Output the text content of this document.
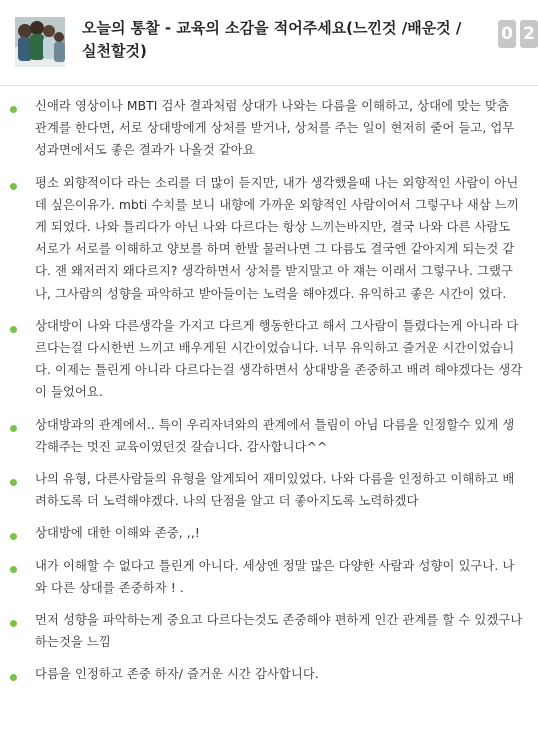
오늘의 통찰 - 교육의 소감을 적어주세요(느낀것 /배운것 /실천할것)
0 2
신애라 영상이나 MBTI 검사 결과처럼 상대가 나와는 다름을 이해하고, 상대에 맞는 맞춤 관계를 한다면, 서로 상대방에게 상처를 받거나, 상처를 주는 일이 현저히 줄어 들고, 업무성과면에서도 좋은 결과가 나올것 같아요
평소 외향적이다 라는 소리를 더 많이 듣지만, 내가 생각했을때 나는 외향적인 사람이 아닌데 싶은이유가. mbti 수치를 보니 내향에 가까운 외향적인 사람이어서 그렇구나 새삼 느끼게 되었다. 나와 틀리다가 아닌 나와 다르다는 항상 느끼는바지만, 결국 나와 다른 사람도 서로가 서로를 이해하고 양보를 하며 한발 물러나면 그 다름도 결국엔 같아지게 되는것 같다. 잰 왜저러지 왜다르지? 생각하면서 상처를 받지말고 아 쟤는 이래서 그렇구나. 그랬구나, 그사람의 성향을 파악하고 받아들이는 노력을 해야겠다. 유익하고 좋은 시간이 었다.
상대방이 나와 다른생각을 가지고 다르게 행동한다고 해서 그사람이 틀렸다는게 아니라 다르다는걸 다시한번 느끼고 배우게된 시간이었습니다. 너무 유익하고 즐거운 시간이었습니다. 이제는 틀린게 아니라 다르다는걸 생각하면서 상대방을 존중하고 배려 해야겠다는 생각이 들었어요.
상대방과의 관계에서.. 특이 우리자녀와의 관계에서 틀림이 아님 다름을 인정할수 있게 생각해주는 멋진 교육이였던것 갈습니다. 감사합니다^^
나의 유형, 다른사람들의 유형을 알게되어 재미있었다. 나와 다름을 인정하고 이해하고 배려하도록 더 노력해야겠다. 나의 단점을 알고 더 좋아지도록 노력하겠다
상대방에 대한 이해와 존중, ,,!
내가 이해할 수 없다고 틀린게 아니다. 세상엔 정말 많은 다양한 사람과 성향이 있구나. 나와 다른 상대를 존중하자 ! .
먼저 성향을 파악하는게 중요고 다르다는것도 존중해야 편하게 인간 관계를 할 수 있겠구나 하는것을 느낌
다름을 인정하고 존중 하자/ 즐거운 시간 감사합니다.
